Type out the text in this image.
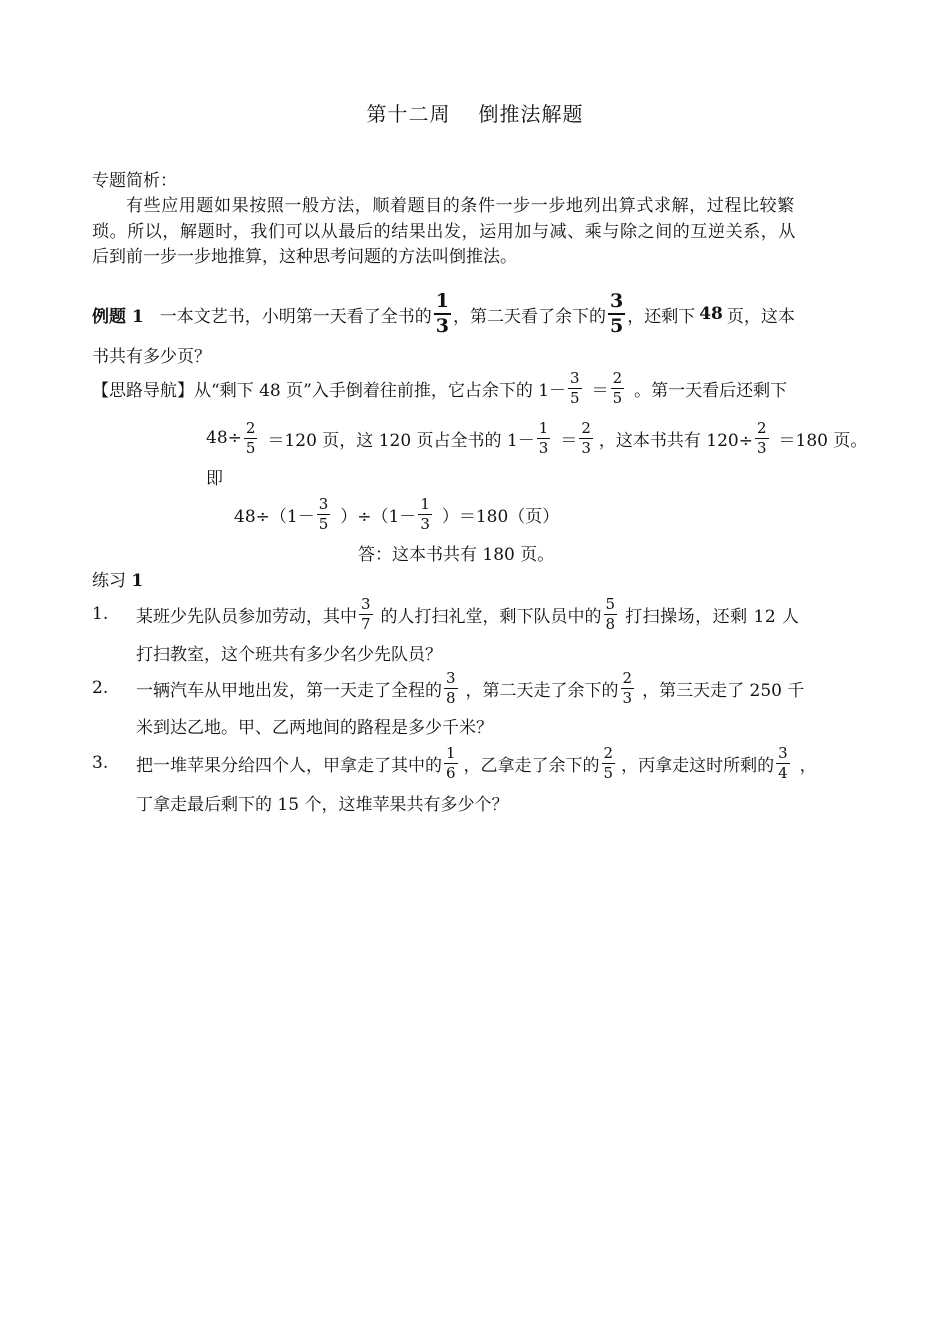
第十二周 倒推法解题
专题简析：
有些应用题如果按照一般方法，顺着题目的条件一步一步地列出算式求解，过程比较繁
琐。所以，解题时，我们可以从最后的结果出发，运用加与减、乘与除之间的互逆关系，从
后到前一步一步地推算，这种思考问题的方法叫倒推法。
例题 1 一本文艺书，小明第一天看了全书的 $\frac{1}{3}$ ，第二天看了余下的 $\frac{3}{5}$ ，还剩下 48 页，这本
书共有多少页？
【思路导航】 从“剩下 48 页”入手倒着往前推，它占余下的 $1- \frac{3}{5} = \frac{2}{5}$ 。第一天看后还剩下
$48\div \frac{2}{5} =120$ 页，这 120 页占全书的 $1- \frac{1}{3} = \frac{2}{3}$ ，这本书共有 $120\div \frac{2}{3} =180$ 页。
即
$48\div(1- \frac{3}{5} )\div(1- \frac{1}{3} )=180$（页）
答：这本书共有 180 页。
练习 1
1.	某班少先队员参加劳动，其中 $\frac{3}{7}$ 的人打扫礼堂，剩下队员中的 $\frac{5}{8}$ 打扫操场，还剩 12 人
打扫教室，这个班共有多少名少先队员？
2.	一辆汽车从甲地出发，第一天走了全程的 $\frac{3}{8}$ ，第二天走了余下的 $\frac{2}{3}$ ，第三天走了 250 千
米到达乙地。甲、乙两地间的路程是多少千米？
3.	把一堆苹果分给四个人，甲拿走了其中的 $\frac{1}{6}$ ，乙拿走了余下的 $\frac{2}{5}$ ，丙拿走这时所剩的 $\frac{3}{4}$ ，
丁拿走最后剩下的 15 个，这堆苹果共有多少个？
